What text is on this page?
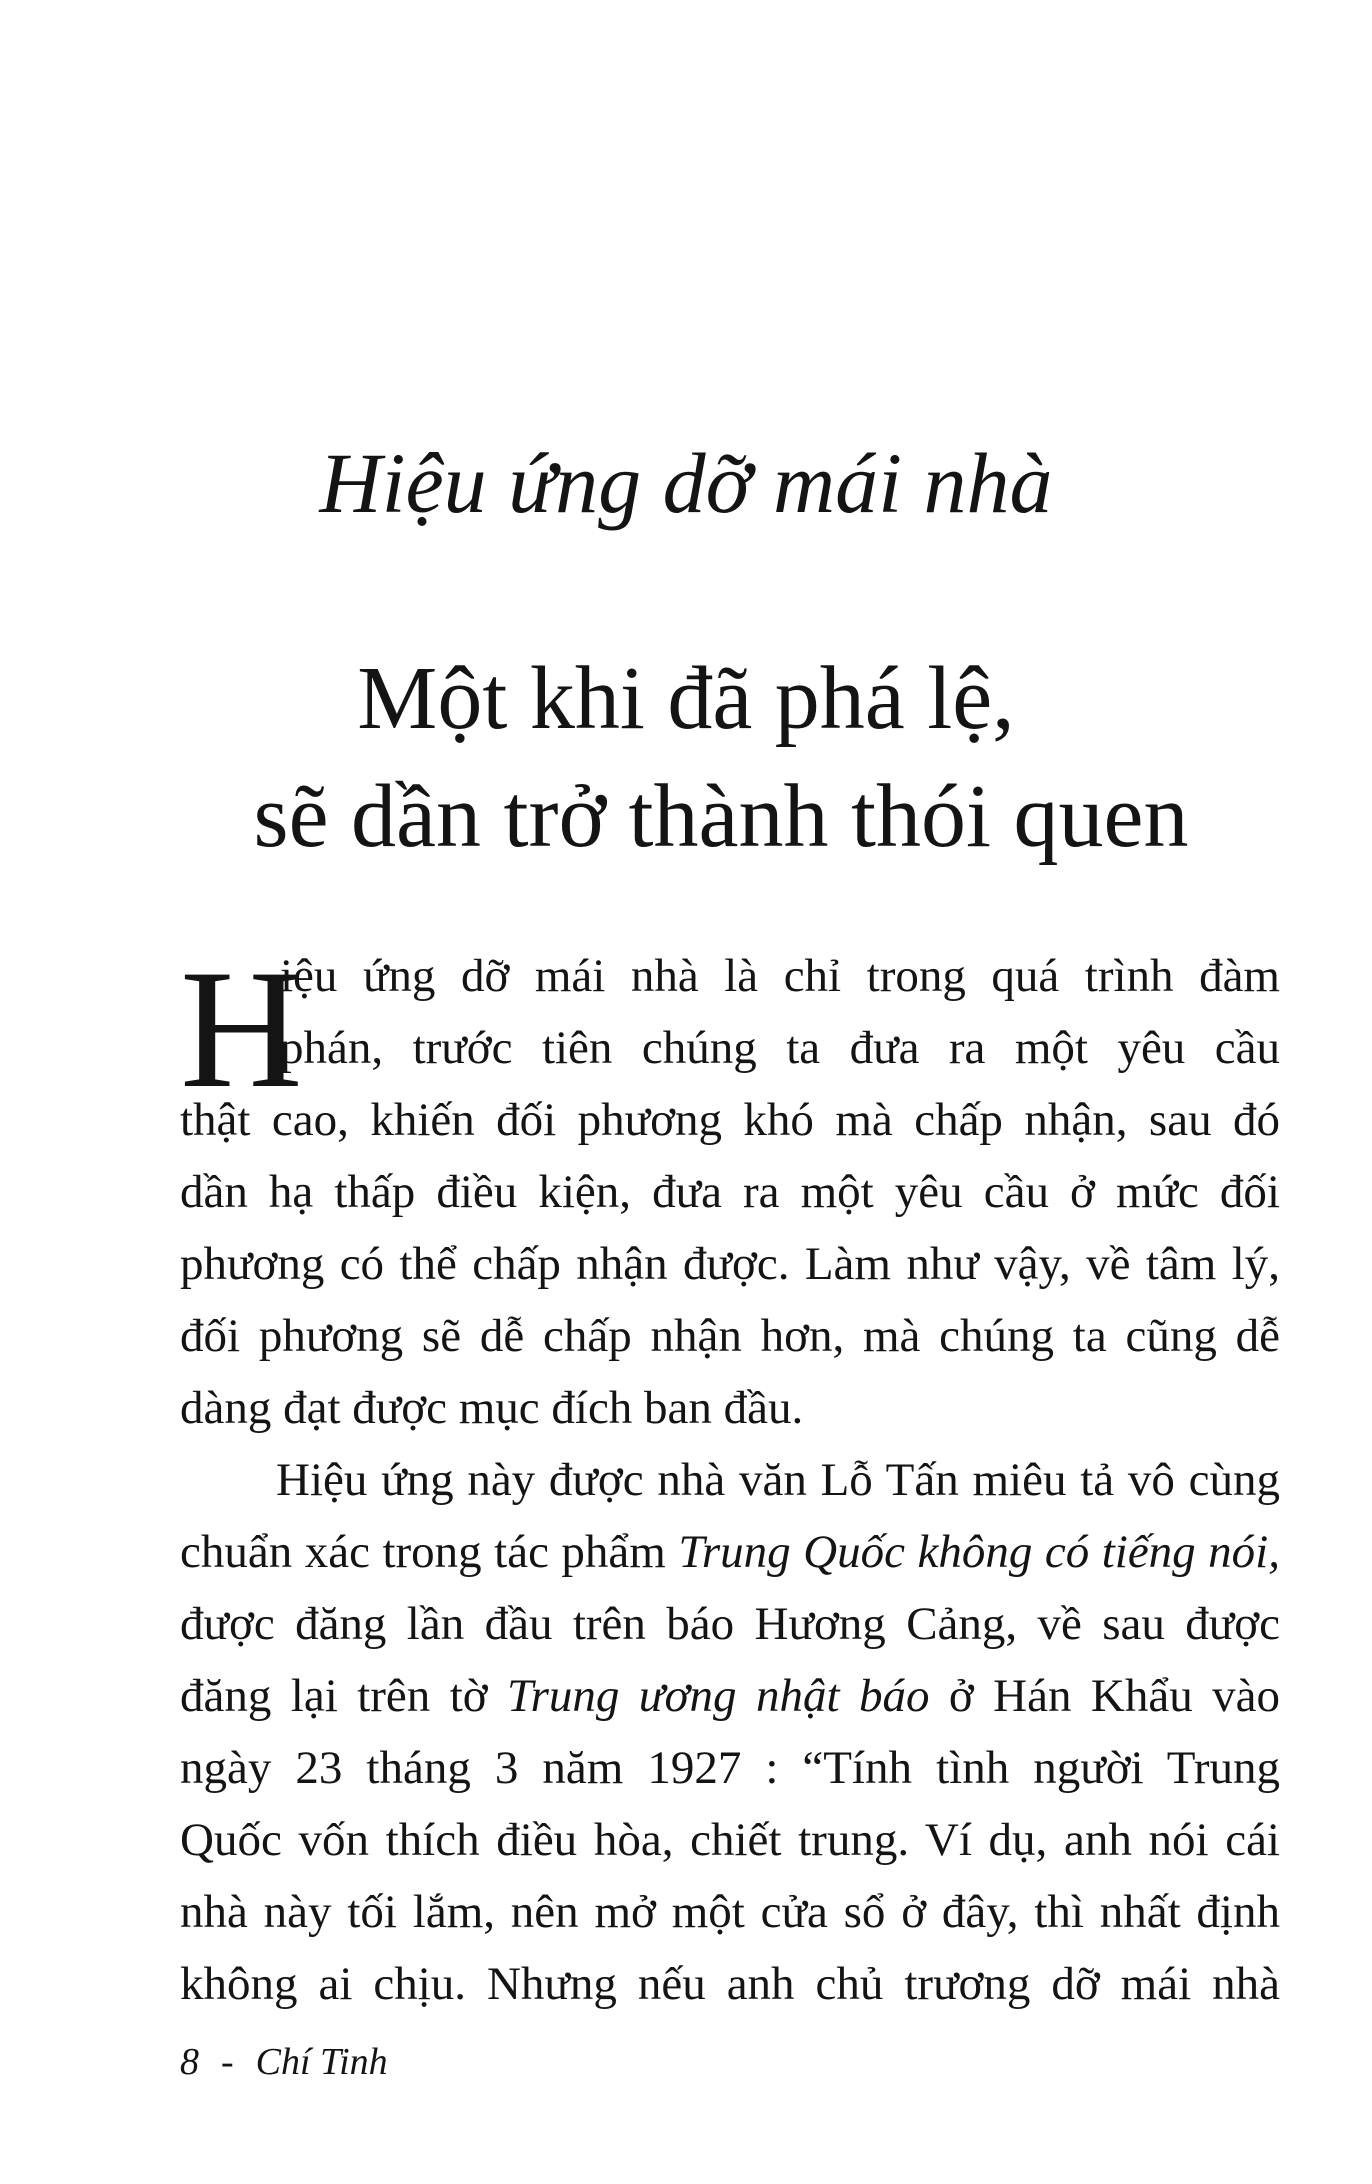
Hiệu ứng dỡ mái nhà
Một khi đã phá lệ,
sẽ dần trở thành thói quen
H
iệu ứng dỡ mái nhà là chỉ trong quá trình đàm
phán, trước tiên chúng ta đưa ra một yêu cầu
thật cao, khiến đối phương khó mà chấp nhận, sau đó
dần hạ thấp điều kiện, đưa ra một yêu cầu ở mức đối
phương có thể chấp nhận được. Làm như vậy, về tâm lý,
đối phương sẽ dễ chấp nhận hơn, mà chúng ta cũng dễ
dàng đạt được mục đích ban đầu.
Hiệu ứng này được nhà văn Lỗ Tấn miêu tả vô cùng
chuẩn xác trong tác phẩm Trung Quốc không có tiếng nói,
được đăng lần đầu trên báo Hương Cảng, về sau được
đăng lại trên tờ Trung ương nhật báo ở Hán Khẩu vào
ngày 23 tháng 3 năm 1927 : “Tính tình người Trung
Quốc vốn thích điều hòa, chiết trung. Ví dụ, anh nói cái
nhà này tối lắm, nên mở một cửa sổ ở đây, thì nhất định
không ai chịu. Nhưng nếu anh chủ trương dỡ mái nhà
8 - Chí Tinh
